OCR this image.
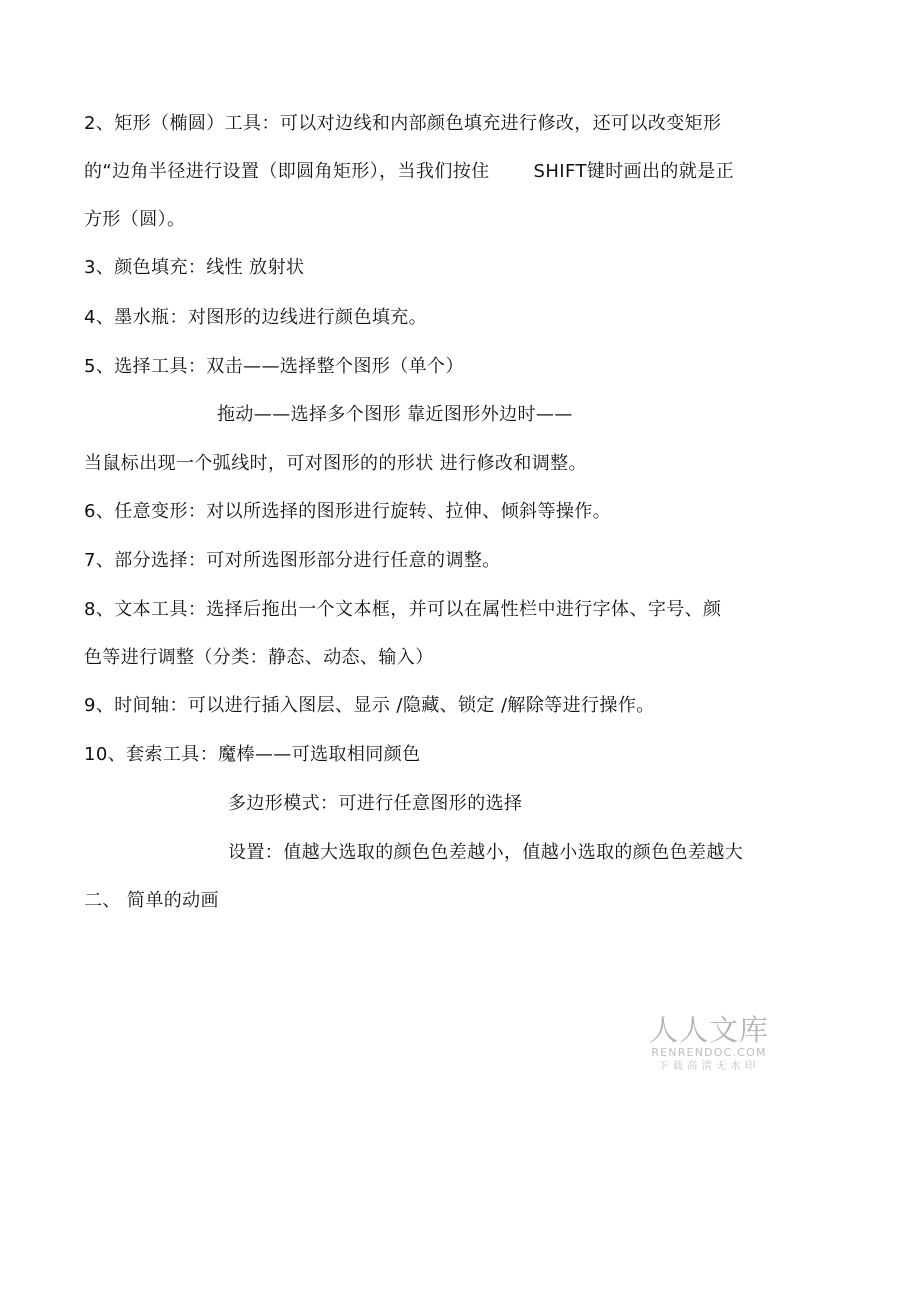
2、矩形（椭圆）工具：可以对边线和内部颜色填充进行修改，还可以改变矩形
的“边角半径进行设置（即圆角矩形），当我们按住 SHIFT键时画出的就是正
方形（圆）。
3、颜色填充：线性 放射状
4、墨水瓶：对图形的边线进行颜色填充。
5、选择工具：双击——选择整个图形（单个）
拖动——选择多个图形 靠近图形外边时——
当鼠标出现一个弧线时，可对图形的的形状 进行修改和调整。
6、任意变形：对以所选择的图形进行旋转、拉伸、倾斜等操作。
7、部分选择：可对所选图形部分进行任意的调整。
8、文本工具：选择后拖出一个文本框，并可以在属性栏中进行字体、字号、颜
色等进行调整（分类：静态、动态、输入）
9、时间轴：可以进行插入图层、显示 /隐藏、锁定 /解除等进行操作。
10、套索工具：魔棒——可选取相同颜色
多边形模式：可进行任意图形的选择
设置：值越大选取的颜色色差越小，值越小选取的颜色色差越大
二、 简单的动画
人人文库
RENRENDOC.COM
下载高清无水印
